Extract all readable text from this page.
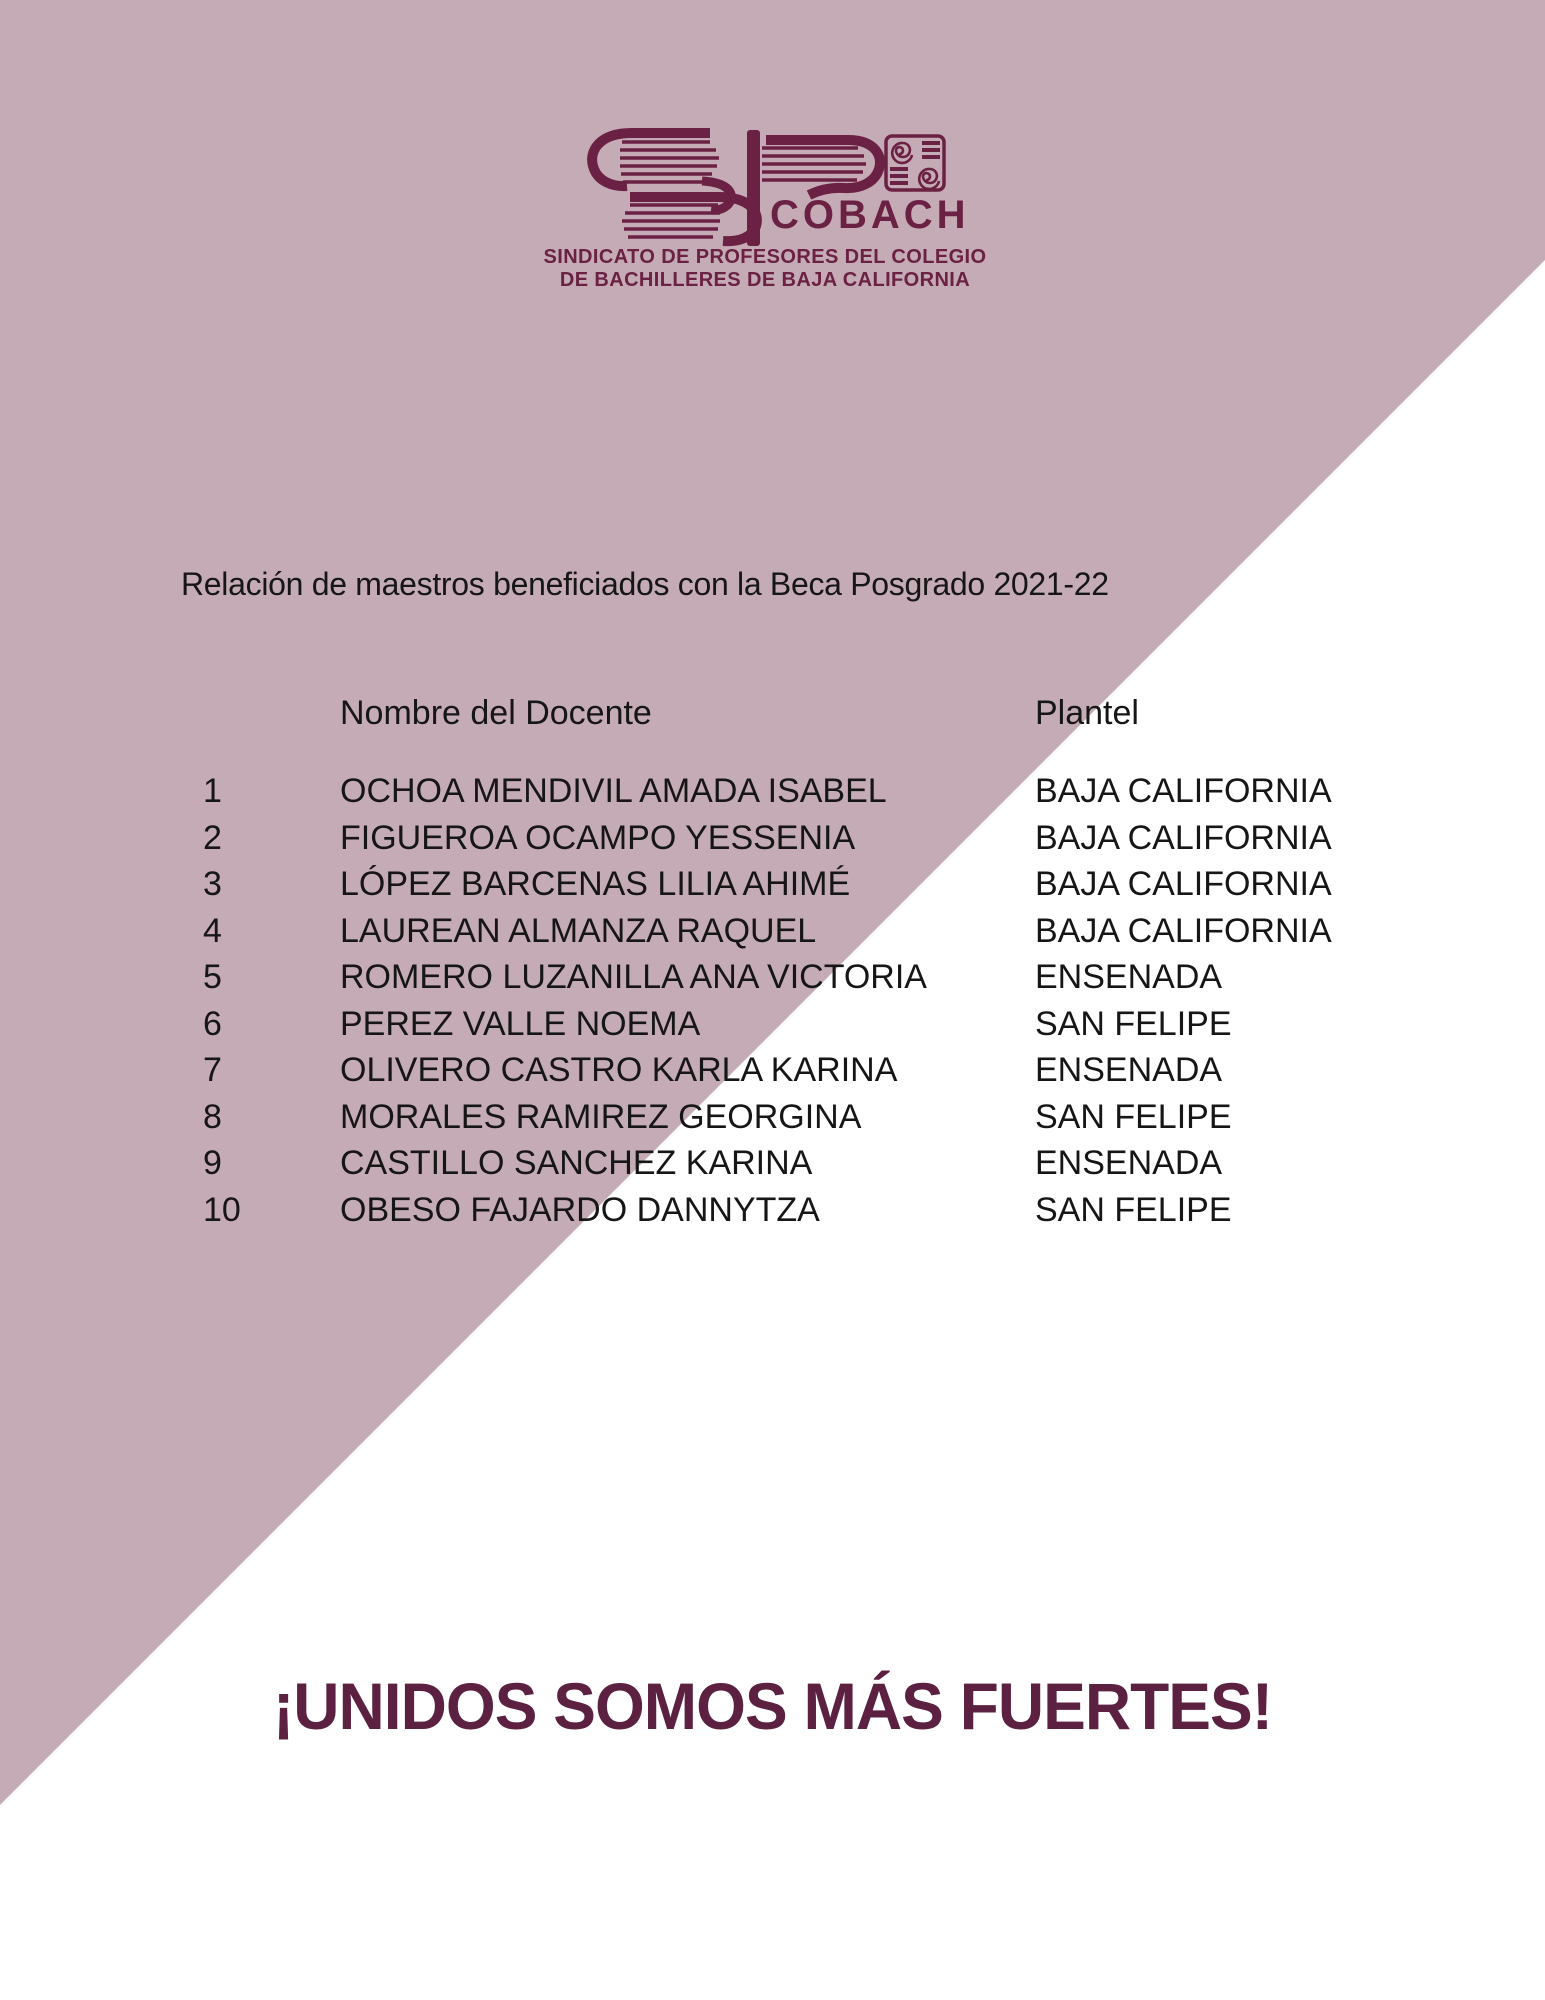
COBACH
SINDICATO DE PROFESORES DEL COLEGIO
DE BACHILLERES DE BAJA CALIFORNIA
Relación de maestros beneficiados con la Beca Posgrado 2021-22
Nombre del Docente	Plantel
1	OCHOA MENDIVIL AMADA ISABEL	BAJA CALIFORNIA
2	FIGUEROA OCAMPO YESSENIA	BAJA CALIFORNIA
3	LÓPEZ BARCENAS LILIA AHIMÉ	BAJA CALIFORNIA
4	LAUREAN ALMANZA RAQUEL	BAJA CALIFORNIA
5	ROMERO LUZANILLA ANA VICTORIA	ENSENADA
6	PEREZ VALLE NOEMA	SAN FELIPE
7	OLIVERO CASTRO KARLA KARINA	ENSENADA
8	MORALES RAMIREZ GEORGINA	SAN FELIPE
9	CASTILLO SANCHEZ KARINA	ENSENADA
10	OBESO FAJARDO DANNYTZA	SAN FELIPE
¡UNIDOS SOMOS MÁS FUERTES!
